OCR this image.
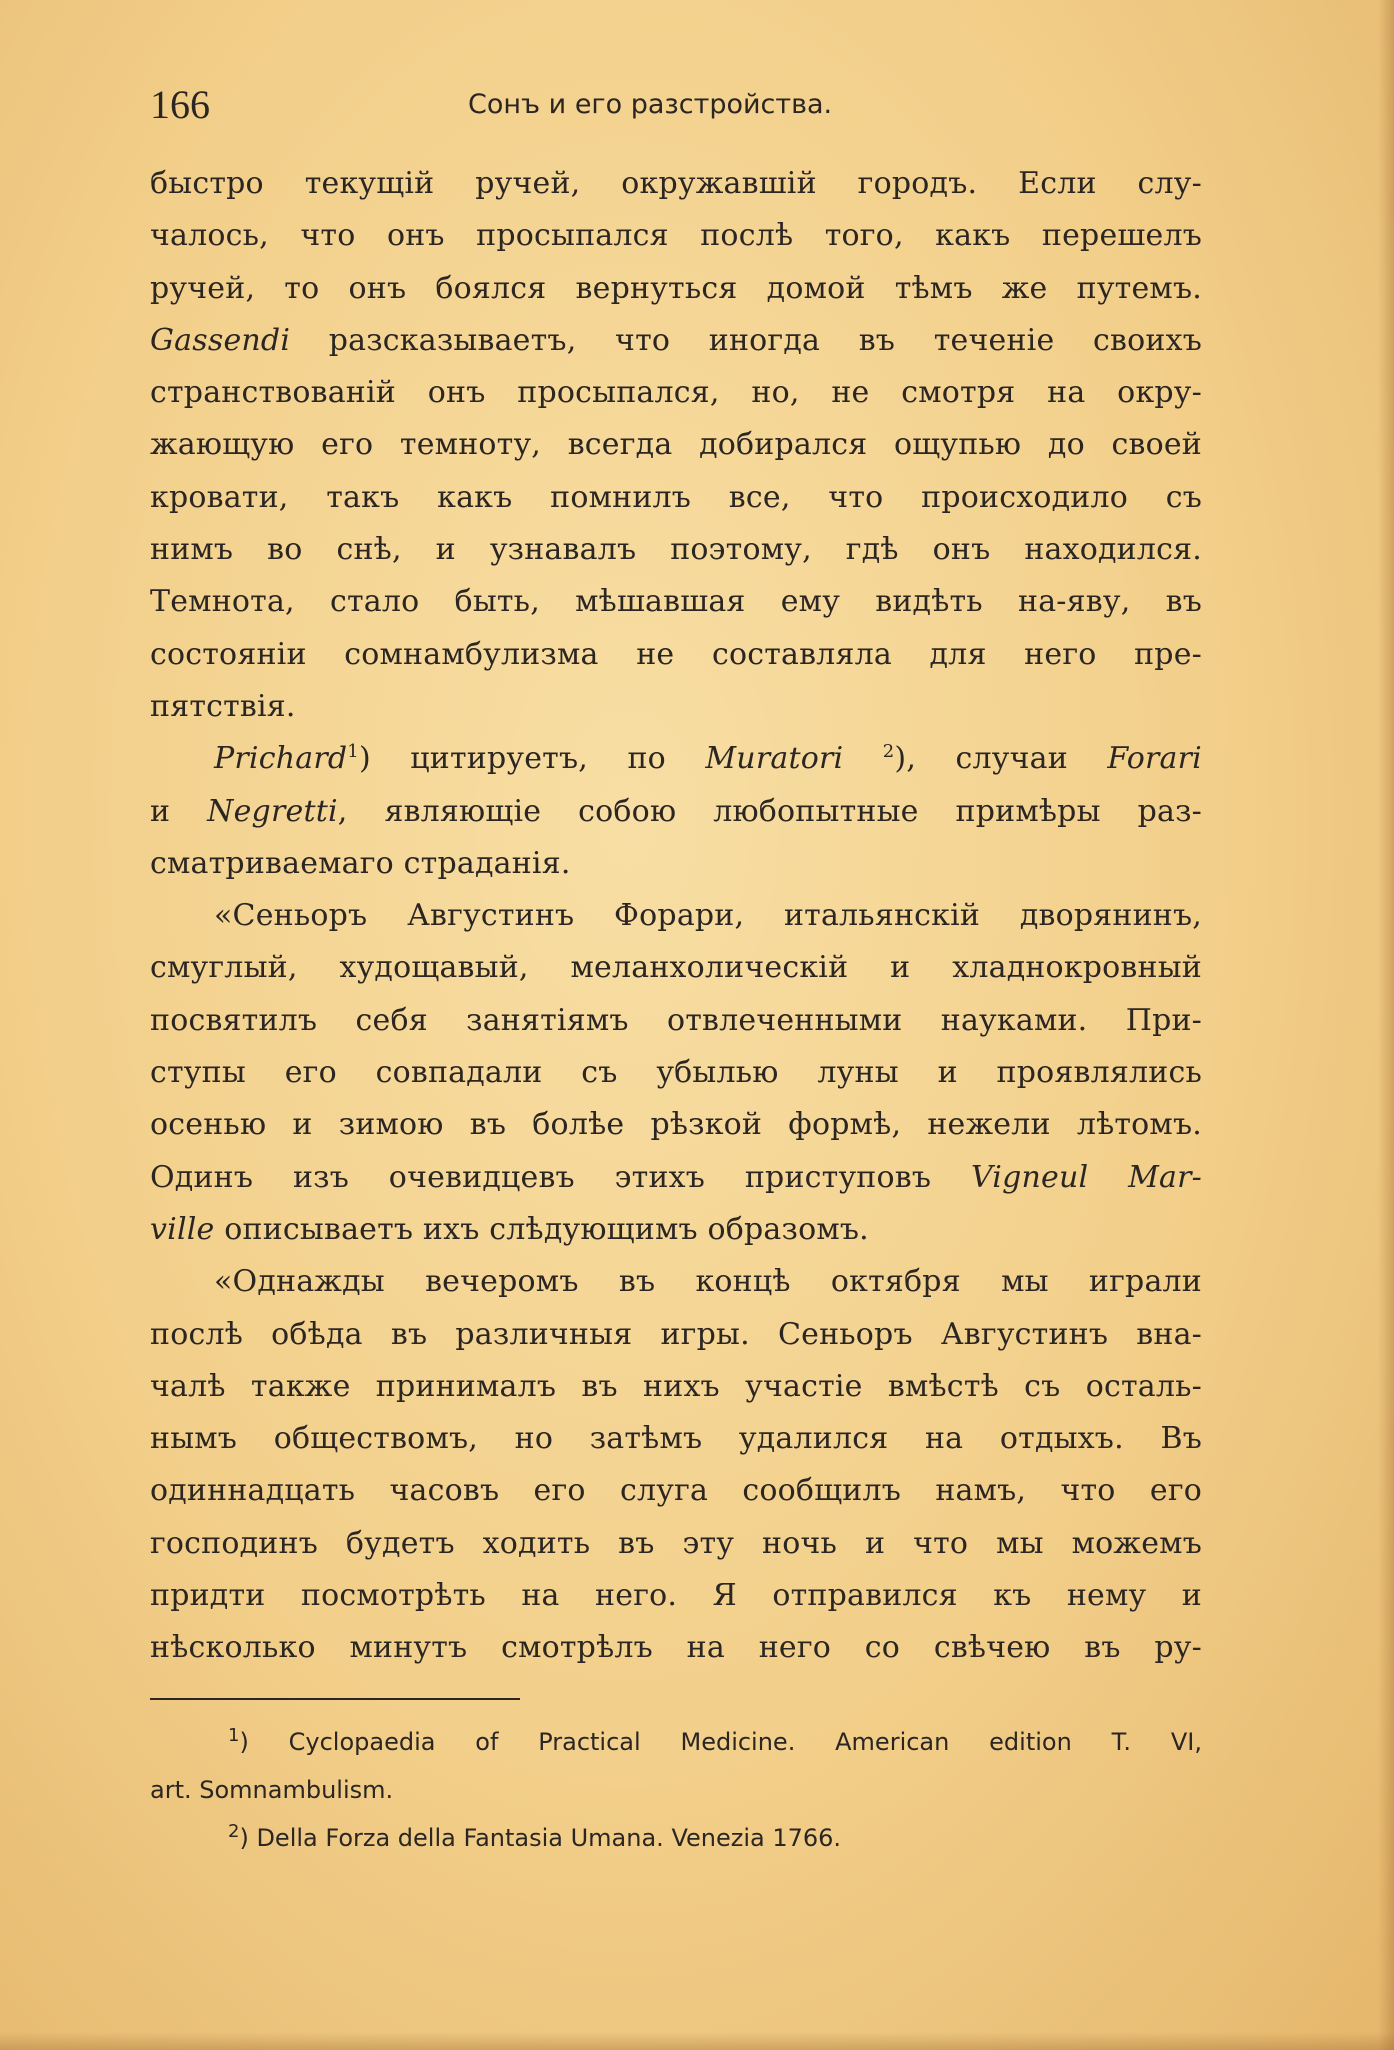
166	Сонъ и его разстройства.
быстро текущій ручей, окружавшій городъ. Если слу-
чалось, что онъ просыпался послѣ того, какъ перешелъ
ручей, то онъ боялся вернуться домой тѣмъ же путемъ.
Gassendi разсказываетъ, что иногда въ теченіе своихъ
странствованій онъ просыпался, но, не смотря на окру-
жающую его темноту, всегда добирался ощупью до своей
кровати, такъ какъ помнилъ все, что происходило съ
нимъ во снѣ, и узнавалъ поэтому, гдѣ онъ находился.
Темнота, стало быть, мѣшавшая ему видѣть на-яву, въ
состояніи сомнамбулизма не составляла для него пре-
пятствія.
Prichard$^1$) цитируетъ, по Muratori $^2$), случаи Forari
и Negretti, являющіе собою любопытные примѣры раз-
сматриваемаго страданія.
«Сеньоръ Августинъ Форари, итальянскій дворянинъ,
смуглый, худощавый, меланхолическій и хладнокровный
посвятилъ себя занятіямъ отвлеченными науками. При-
ступы его совпадали съ убылью луны и проявлялись
осенью и зимою въ болѣе рѣзкой формѣ, нежели лѣтомъ.
Одинъ изъ очевидцевъ этихъ приступовъ Vigneul Mar-
ville описываетъ ихъ слѣдующимъ образомъ.
«Однажды вечеромъ въ концѣ октября мы играли
послѣ обѣда въ различныя игры. Сеньоръ Августинъ вна-
чалѣ также принималъ въ нихъ участіе вмѣстѣ съ осталь-
нымъ обществомъ, но затѣмъ удалился на отдыхъ. Въ
одиннадцать часовъ его слуга сообщилъ намъ, что его
господинъ будетъ ходить въ эту ночь и что мы можемъ
придти посмотрѣть на него. Я отправился къ нему и
нѣсколько минутъ смотрѣлъ на него со свѣчею въ ру-
$^1$) Cyclopaedia of Practical Medicine. American edition T. VI,
art. Somnambulism.
$^2$) Della Forza della Fantasia Umana. Venezia 1766.
